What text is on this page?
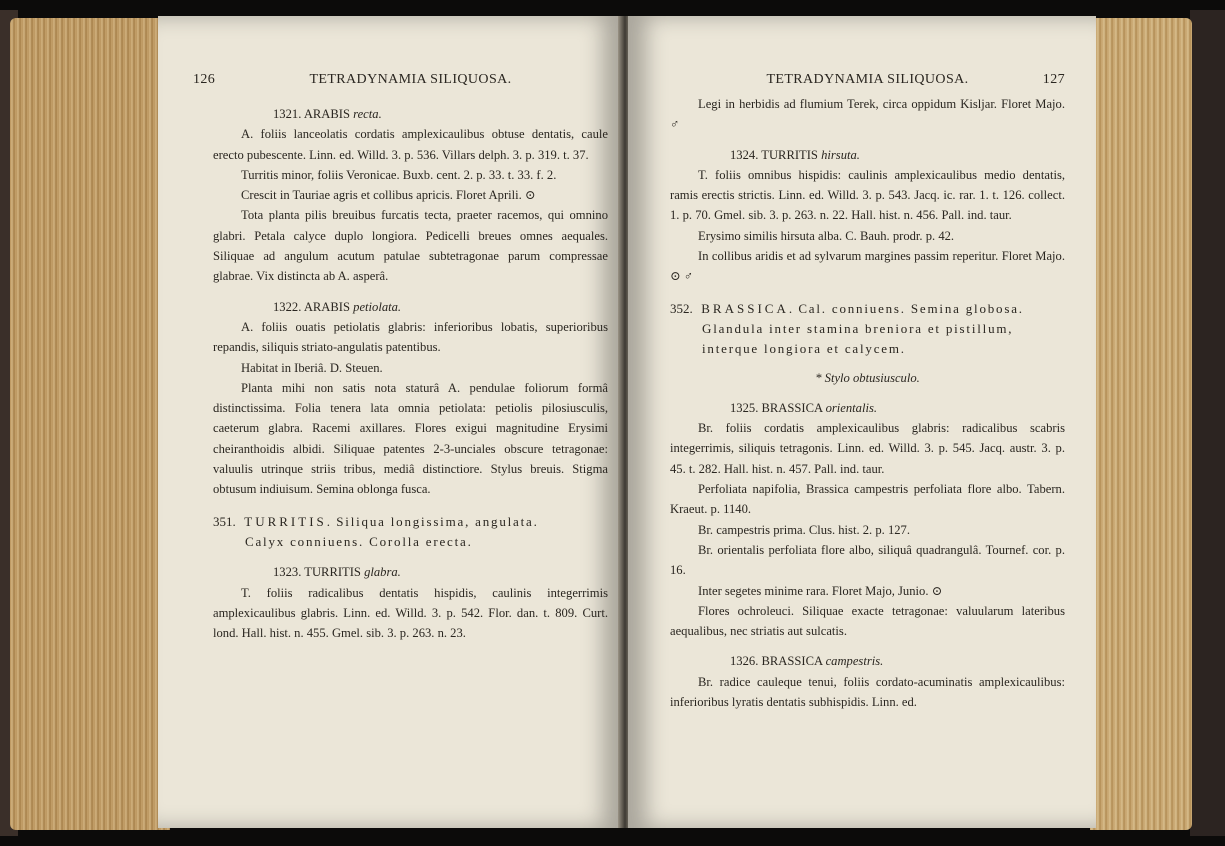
126	TETRADYNAMIA SILIQUOSA.
1321. ARABIS recta.

A. foliis lanceolatis cordatis amplexicaulibus obtuse dentatis, caule erecto pubescente. Linn. ed. Willd. 3. p. 536. Villars delph. 3. p. 319. t. 37.

Turritis minor, foliis Veronicae. Buxb. cent. 2. p. 33. t. 33. f. 2.

Crescit in Tauriae agris et collibus apricis. Floret Aprili. ⊙

Tota planta pilis breuibus furcatis tecta, praeter racemos, qui omnino glabri. Petala calyce duplo longiora. Pedicelli breues omnes aequales. Siliquae ad angulum acutum patulae subtetragonae parum compressae glabrae. Vix distincta ab A. asperâ.

1322. ARABIS petiolata.

A. foliis ouatis petiolatis glabris: inferioribus lobatis, superioribus repandis, siliquis striato-angulatis patentibus.

Habitat in Iberiâ. D. Steuen.

Planta mihi non satis nota staturâ A. pendulae foliorum formâ distinctissima. Folia tenera lata omnia petiolata: petiolis pilosiusculis, caeterum glabra. Racemi axillares. Flores exigui magnitudine Erysimi cheiranthoidis albidi. Siliquae patentes 2-3-unciales obscure tetragonae: valuulis utrinque striis tribus, mediâ distinctiore. Stylus breuis. Stigma obtusum indiuisum. Semina oblonga fusca.

351. TURRITIS. Siliqua longissima, angulata.
Calyx conniuens. Corolla erecta.
1323. TURRITIS glabra.

T. foliis radicalibus dentatis hispidis, caulinis integerrimis amplexicaulibus glabris. Linn. ed. Willd. 3. p. 542. Flor. dan. t. 809. Curt. lond. Hall. hist. n. 455. Gmel. sib. 3. p. 263. n. 23.

TETRADYNAMIA SILIQUOSA.	127

Legi in herbidis ad flumium Terek, circa oppidum Kisljar. Floret Majo. ♂

1324. TURRITIS hirsuta.

T. foliis omnibus hispidis: caulinis amplexicaulibus medio dentatis, ramis erectis strictis. Linn. ed. Willd. 3. p. 543. Jacq. ic. rar. 1. t. 126. collect. 1. p. 70. Gmel. sib. 3. p. 263. n. 22. Hall. hist. n. 456. Pall. ind. taur.

Erysimo similis hirsuta alba. C. Bauh. prodr. p. 42.

In collibus aridis et ad sylvarum margines passim reperitur. Floret Majo. ⊙ ♂

352. BRASSICA. Cal. conniuens. Semina globosa.
Glandula inter stamina breniora et pistillum, interque longiora et calycem.
* Stylo obtusiusculo.
1325. BRASSICA orientalis.

Br. foliis cordatis amplexicaulibus glabris: radicalibus scabris integerrimis, siliquis tetragonis. Linn. ed. Willd. 3. p. 545. Jacq. austr. 3. p. 45. t. 282. Hall. hist. n. 457. Pall. ind. taur.

Perfoliata napifolia, Brassica campestris perfoliata flore albo. Tabern. Kraeut. p. 1140.

Br. campestris prima. Clus. hist. 2. p. 127.

Br. orientalis perfoliata flore albo, siliquâ quadrangulâ. Tournef. cor. p. 16.

Inter segetes minime rara. Floret Majo, Junio. ⊙

Flores ochroleuci. Siliquae exacte tetragonae: valuularum lateribus aequalibus, nec striatis aut sulcatis.

1326. BRASSICA campestris.

Br. radice cauleque tenui, foliis cordato-acuminatis amplexicaulibus: inferioribus lyratis dentatis subhispidis. Linn. ed.
